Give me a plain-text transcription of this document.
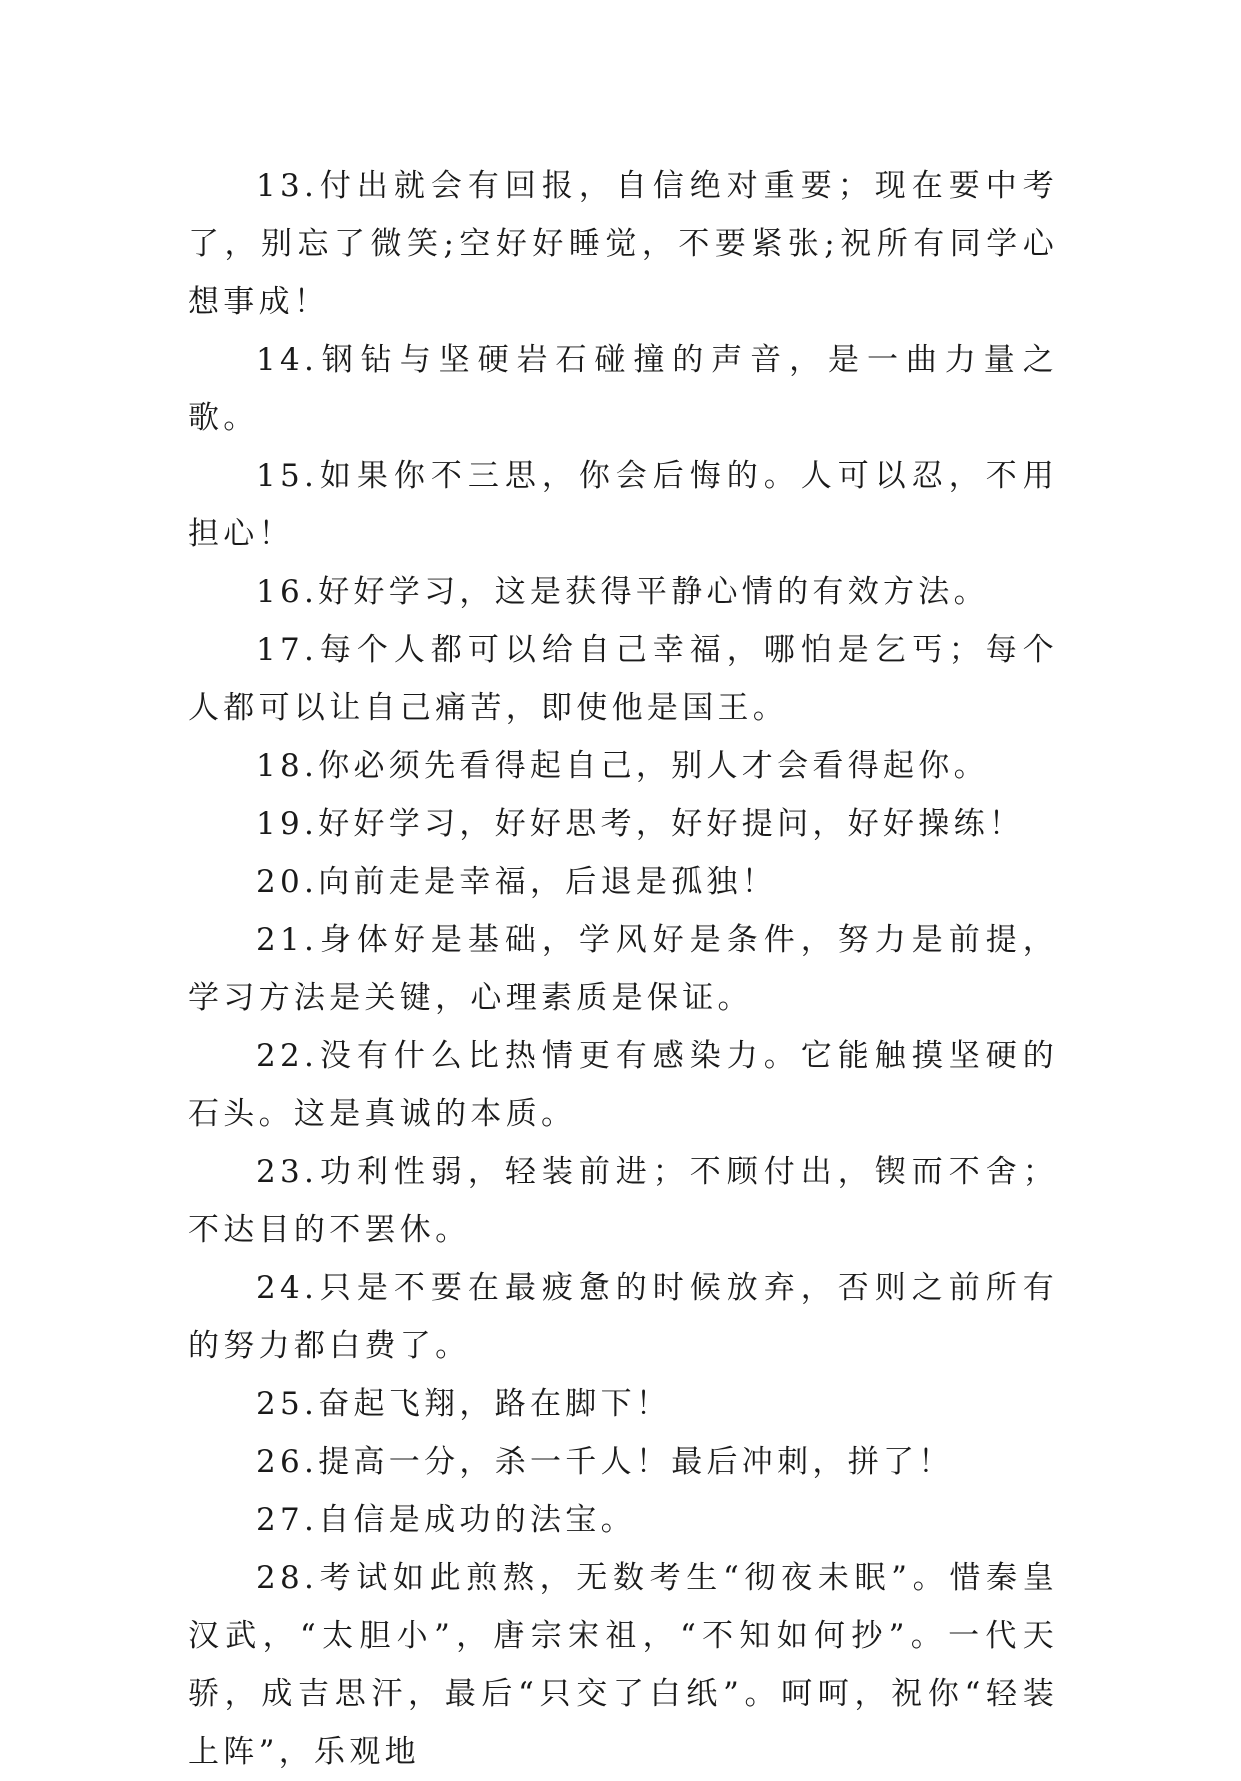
13.付出就会有回报，自信绝对重要；现在要中考了，别忘了微笑;空好好睡觉，不要紧张;祝所有同学心想事成！

14.钢钻与坚硬岩石碰撞的声音，是一曲力量之歌。

15.如果你不三思，你会后悔的。人可以忍，不用担心！

16.好好学习，这是获得平静心情的有效方法。

17.每个人都可以给自己幸福，哪怕是乞丐；每个人都可以让自己痛苦，即使他是国王。

18.你必须先看得起自己，别人才会看得起你。

19.好好学习，好好思考，好好提问，好好操练！

20.向前走是幸福，后退是孤独！

21.身体好是基础，学风好是条件，努力是前提，学习方法是关键，心理素质是保证。

22.没有什么比热情更有感染力。它能触摸坚硬的石头。这是真诚的本质。

23.功利性弱，轻装前进；不顾付出，锲而不舍；不达目的不罢休。

24.只是不要在最疲惫的时候放弃，否则之前所有的努力都白费了。

25.奋起飞翔，路在脚下！

26.提高一分，杀一千人！最后冲刺，拼了！

27.自信是成功的法宝。

28.考试如此煎熬，无数考生“彻夜未眠”。惜秦皇汉武，“太胆小”，唐宗宋祖，“不知如何抄”。一代天骄，成吉思汗，最后“只交了白纸”。呵呵，祝你“轻装上阵”，乐观地
